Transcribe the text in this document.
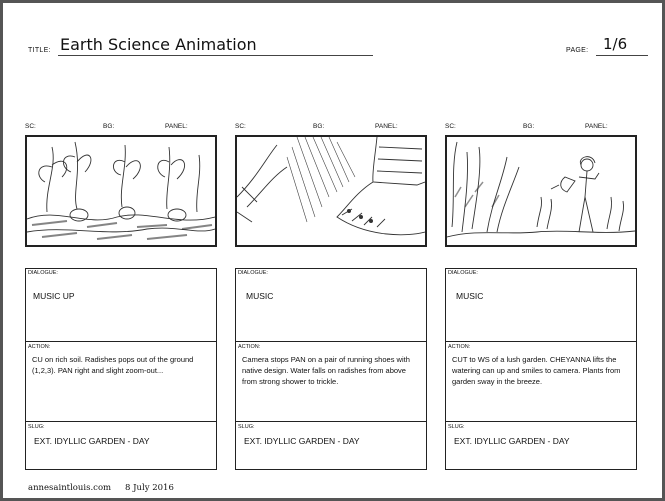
TITLE: Earth Science Animation	PAGE: 1/6
SC:	BG:	PANEL:
DIALOGUE:
MUSIC UP
ACTION:
CU on rich soil. Radishes pops out of the ground (1,2,3). PAN right and slight zoom-out...
SLUG:
EXT. IDYLLIC GARDEN - DAY
SC:	BG:	PANEL:
DIALOGUE:
MUSIC
ACTION:
Camera stops PAN on a pair of running shoes with native design. Water falls on radishes from above from strong shower to trickle.
SLUG:
EXT. IDYLLIC GARDEN - DAY
SC:	BG:	PANEL:
DIALOGUE:
MUSIC
ACTION:
CUT to WS of a lush garden. CHEYANNA lifts the watering can up and smiles to camera. Plants from garden sway in the breeze.
SLUG:
EXT. IDYLLIC GARDEN - DAY
annesaintlouis.com 8 July 2016
